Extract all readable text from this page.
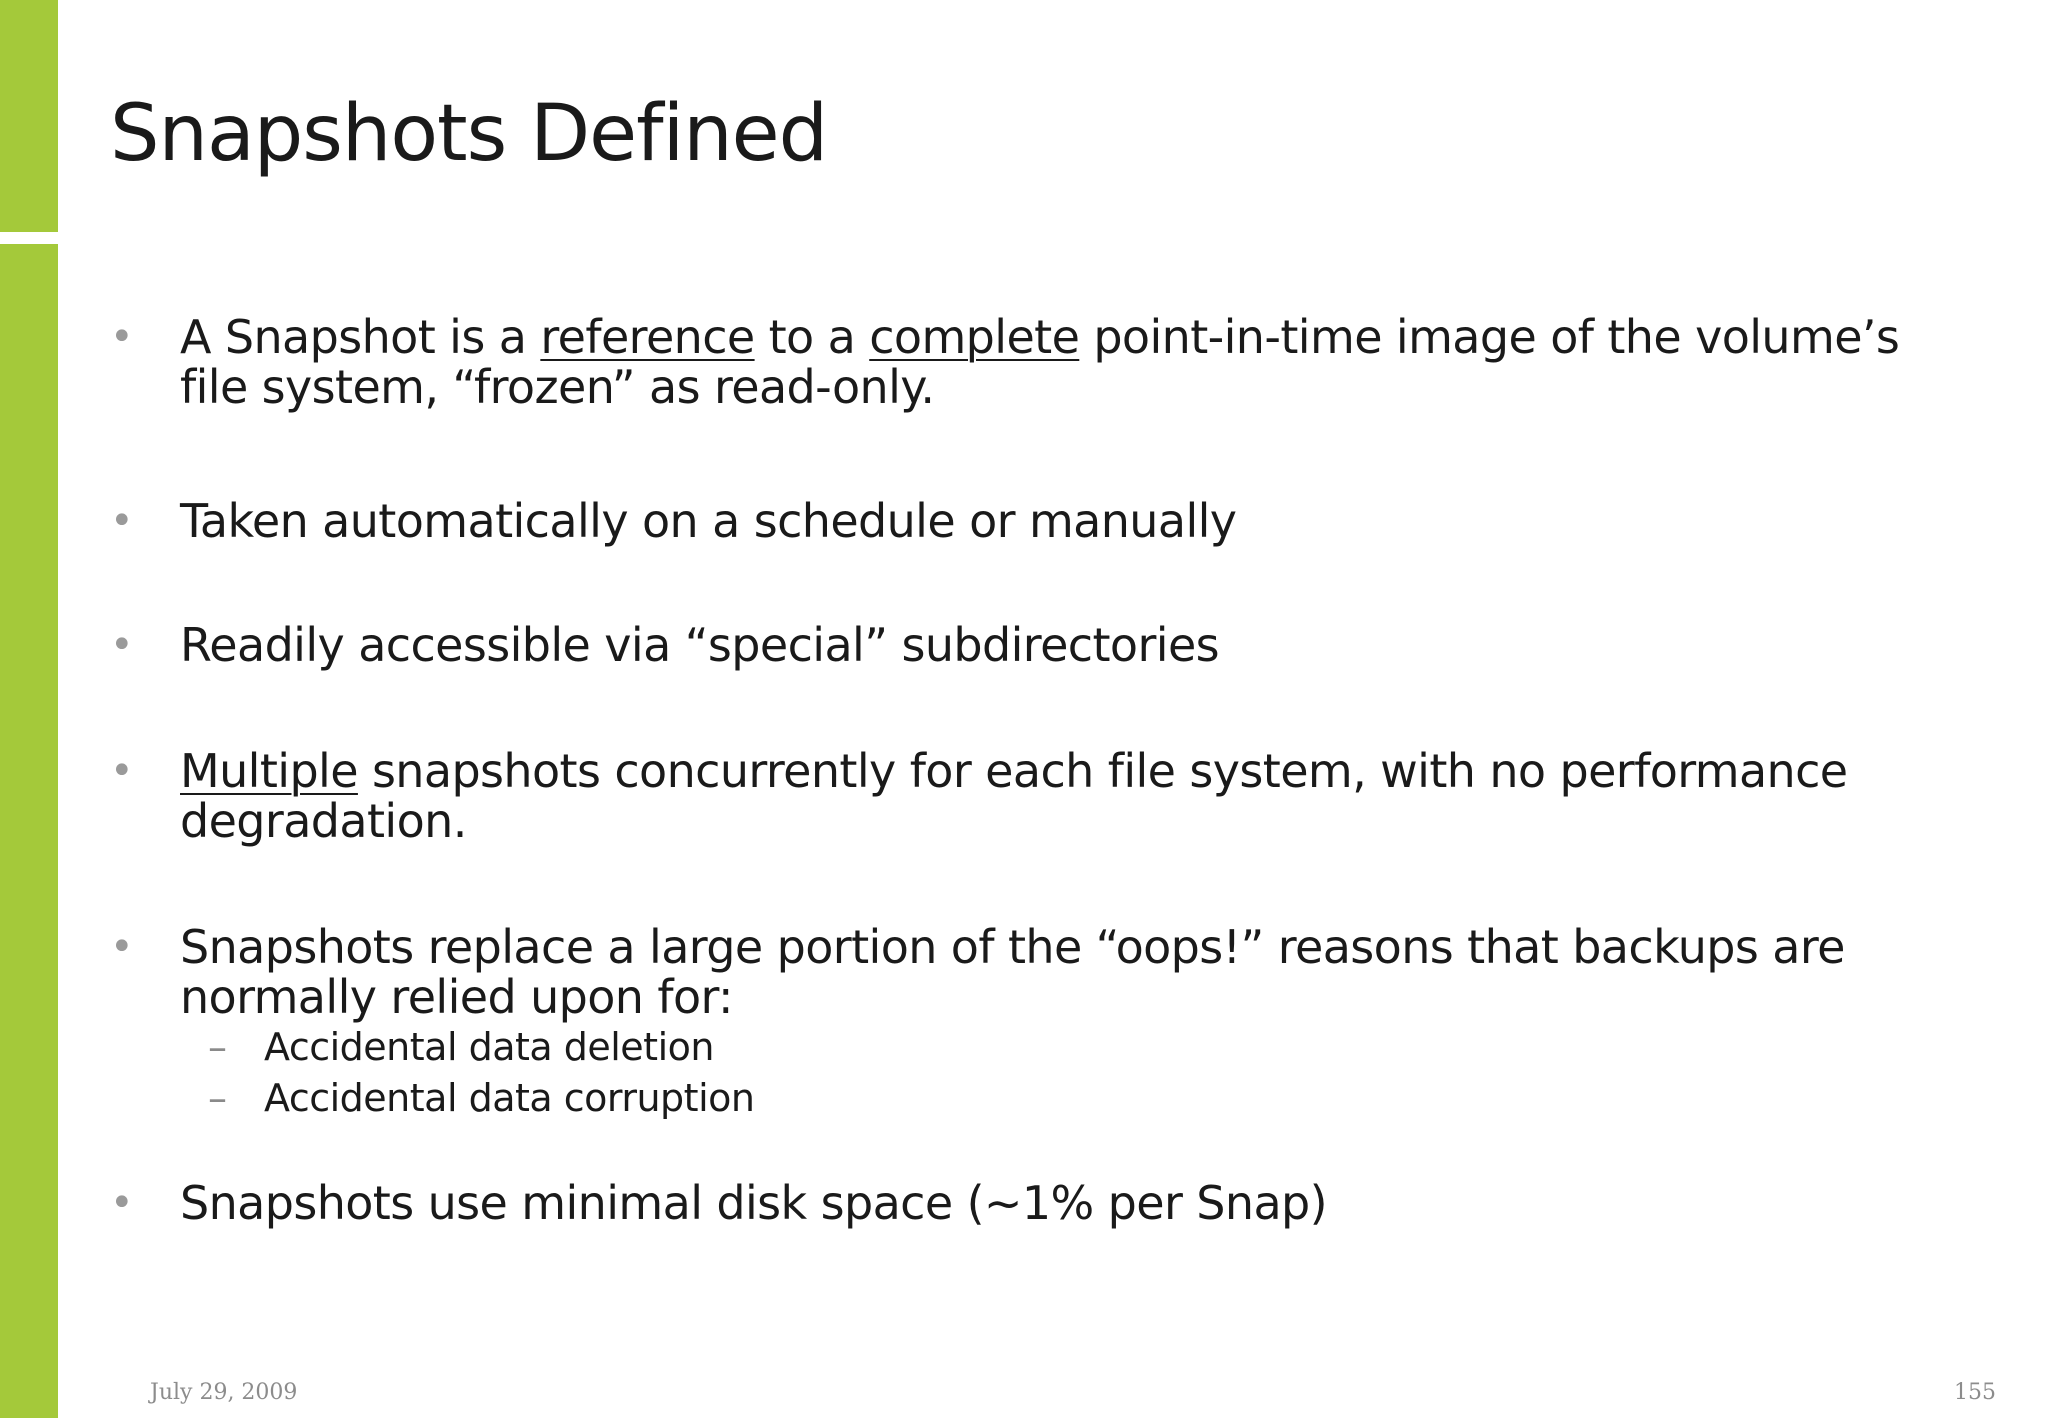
Snapshots Defined
• A Snapshot is a reference to a complete point-in-time image of the volume’s file system, “frozen” as read-only.
• Taken automatically on a schedule or manually
• Readily accessible via “special” subdirectories
• Multiple snapshots concurrently for each file system, with no performance degradation.
• Snapshots replace a large portion of the “oops!” reasons that backups are normally relied upon for:
– Accidental data deletion
– Accidental data corruption
• Snapshots use minimal disk space (~1% per Snap)
July 29, 2009	155
